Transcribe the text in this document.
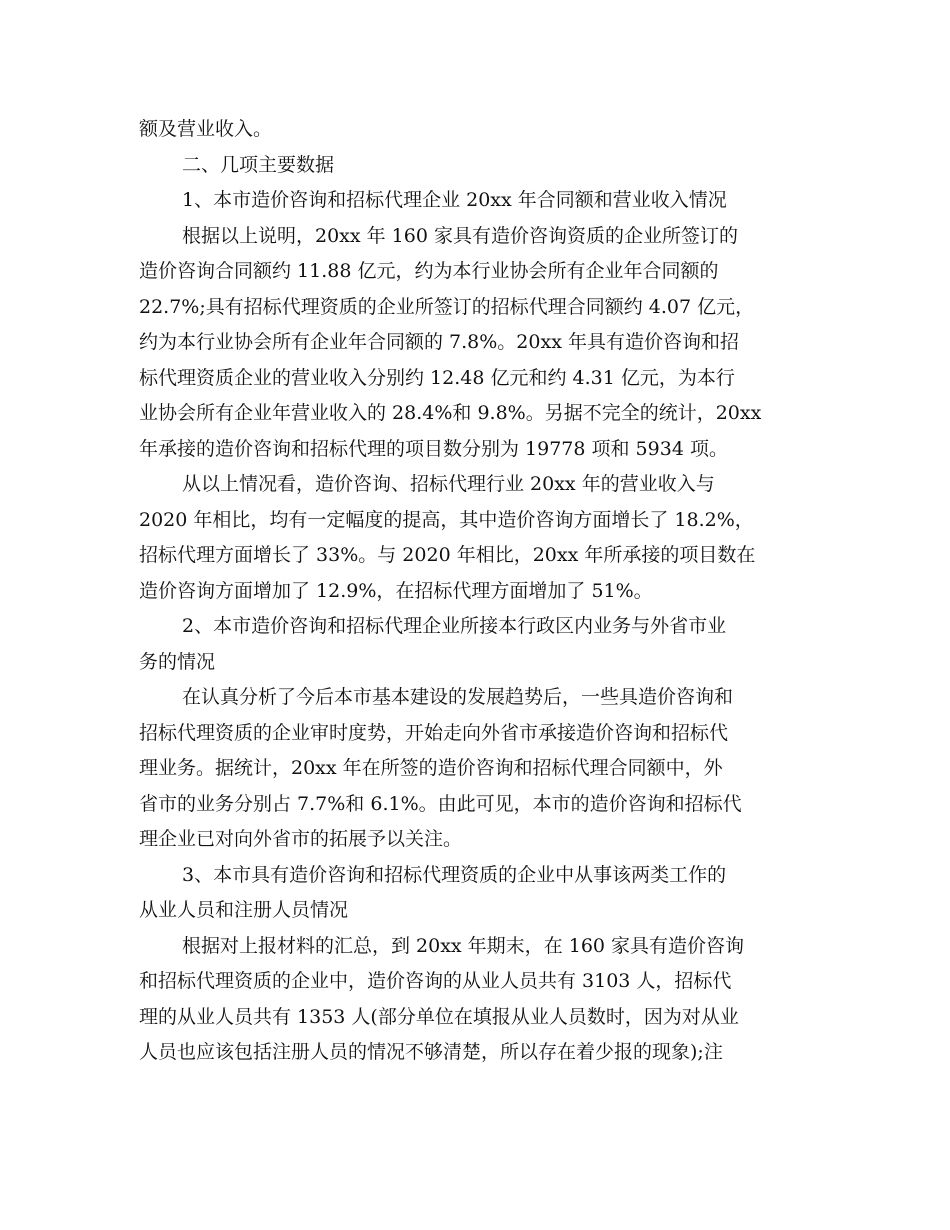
额及营业收入。
二、几项主要数据
1、本市造价咨询和招标代理企业 20xx 年合同额和营业收入情况
根据以上说明，20xx 年 160 家具有造价咨询资质的企业所签订的
造价咨询合同额约 11.88 亿元，约为本行业协会所有企业年合同额的
22.7%;具有招标代理资质的企业所签订的招标代理合同额约 4.07 亿元，
约为本行业协会所有企业年合同额的 7.8%。20xx 年具有造价咨询和招
标代理资质企业的营业收入分别约 12.48 亿元和约 4.31 亿元，为本行
业协会所有企业年营业收入的 28.4%和 9.8%。另据不完全的统计，20xx
年承接的造价咨询和招标代理的项目数分别为 19778 项和 5934 项。
从以上情况看，造价咨询、招标代理行业 20xx 年的营业收入与
2020 年相比，均有一定幅度的提高，其中造价咨询方面增长了 18.2%，
招标代理方面增长了 33%。与 2020 年相比，20xx 年所承接的项目数在
造价咨询方面增加了 12.9%，在招标代理方面增加了 51%。
2、本市造价咨询和招标代理企业所接本行政区内业务与外省市业
务的情况
在认真分析了今后本市基本建设的发展趋势后，一些具造价咨询和
招标代理资质的企业审时度势，开始走向外省市承接造价咨询和招标代
理业务。据统计，20xx 年在所签的造价咨询和招标代理合同额中，外
省市的业务分别占 7.7%和 6.1%。由此可见，本市的造价咨询和招标代
理企业已对向外省市的拓展予以关注。
3、本市具有造价咨询和招标代理资质的企业中从事该两类工作的
从业人员和注册人员情况
根据对上报材料的汇总，到 20xx 年期末，在 160 家具有造价咨询
和招标代理资质的企业中，造价咨询的从业人员共有 3103 人，招标代
理的从业人员共有 1353 人(部分单位在填报从业人员数时，因为对从业
人员也应该包括注册人员的情况不够清楚，所以存在着少报的现象);注
